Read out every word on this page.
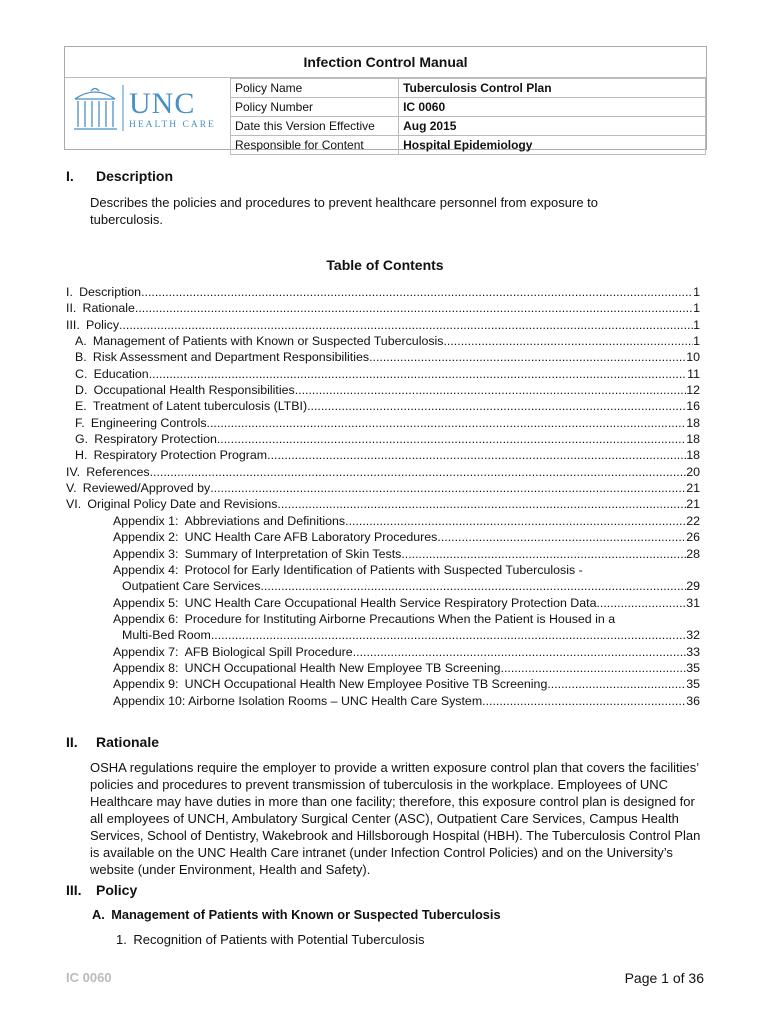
Infection Control Manual
UNC
HEALTH CARE
Policy Name	Tuberculosis Control Plan
Policy Number	IC 0060
Date this Version Effective	Aug 2015
Responsible for Content	Hospital Epidemiology
I. Description
Describes the policies and procedures to prevent healthcare personnel from exposure to tuberculosis.
Table of Contents
I. Description .....	1
II. Rationale .....	1
III. Policy .....	1
A. Management of Patients with Known or Suspected Tuberculosis .....	1
B. Risk Assessment and Department Responsibilities .....	10
C. Education .....	11
D. Occupational Health Responsibilities .....	12
E. Treatment of Latent tuberculosis (LTBI) .....	16
F. Engineering Controls .....	18
G. Respiratory Protection .....	18
H. Respiratory Protection Program .....	18
IV. References .....	20
V. Reviewed/Approved by .....	21
VI. Original Policy Date and Revisions .....	21
Appendix 1: Abbreviations and Definitions .....	22
Appendix 2: UNC Health Care AFB Laboratory Procedures .....	26
Appendix 3: Summary of Interpretation of Skin Tests .....	28
Appendix 4: Protocol for Early Identification of Patients with Suspected Tuberculosis -
Outpatient Care Services .....	29
Appendix 5: UNC Health Care Occupational Health Service Respiratory Protection Data .....	31
Appendix 6: Procedure for Instituting Airborne Precautions When the Patient is Housed in a
Multi-Bed Room .....	32
Appendix 7: AFB Biological Spill Procedure .....	33
Appendix 8: UNCH Occupational Health New Employee TB Screening .....	35
Appendix 9: UNCH Occupational Health New Employee Positive TB Screening .....	35
Appendix 10: Airborne Isolation Rooms – UNC Health Care System. .....	36
II. Rationale
OSHA regulations require the employer to provide a written exposure control plan that covers the facilities’ policies and procedures to prevent transmission of tuberculosis in the workplace. Employees of UNC Healthcare may have duties in more than one facility; therefore, this exposure control plan is designed for all employees of UNCH, Ambulatory Surgical Center (ASC), Outpatient Care Services, Campus Health Services, School of Dentistry, Wakebrook and Hillsborough Hospital (HBH). The Tuberculosis Control Plan is available on the UNC Health Care intranet (under Infection Control Policies) and on the University’s website (under Environment, Health and Safety).
III. Policy
A. Management of Patients with Known or Suspected Tuberculosis
1. Recognition of Patients with Potential Tuberculosis
IC 0060	Page 1 of 36
